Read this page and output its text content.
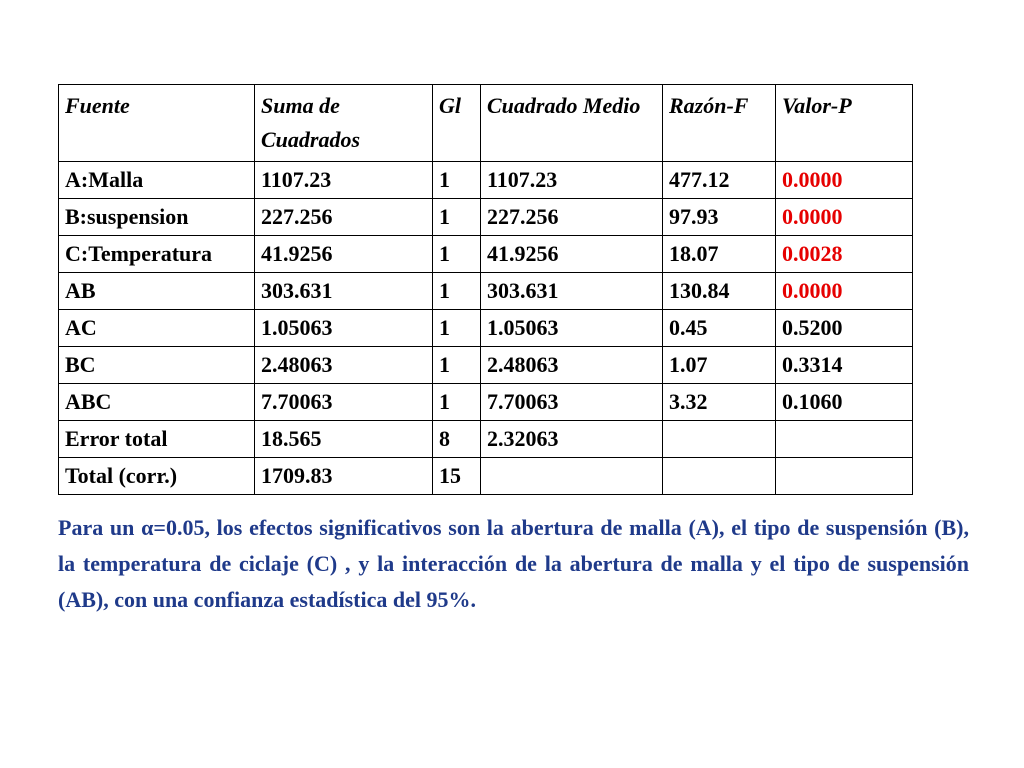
Fuente	Suma de Cuadrados	Gl	Cuadrado Medio	Razón-F	Valor-P
A:Malla	1107.23	1	1107.23	477.12	0.0000
B:suspension	227.256	1	227.256	97.93	0.0000
C:Temperatura	41.9256	1	41.9256	18.07	0.0028
AB	303.631	1	303.631	130.84	0.0000
AC	1.05063	1	1.05063	0.45	0.5200
BC	2.48063	1	2.48063	1.07	0.3314
ABC	7.70063	1	7.70063	3.32	0.1060
Error total	18.565	8	2.32063		
Total (corr.)	1709.83	15			

Para un α=0.05, los efectos significativos son la abertura de malla (A), el tipo de suspensión (B), la temperatura de ciclaje (C) , y la interacción de la abertura de malla y el tipo de suspensión (AB), con una confianza estadística del 95%.
